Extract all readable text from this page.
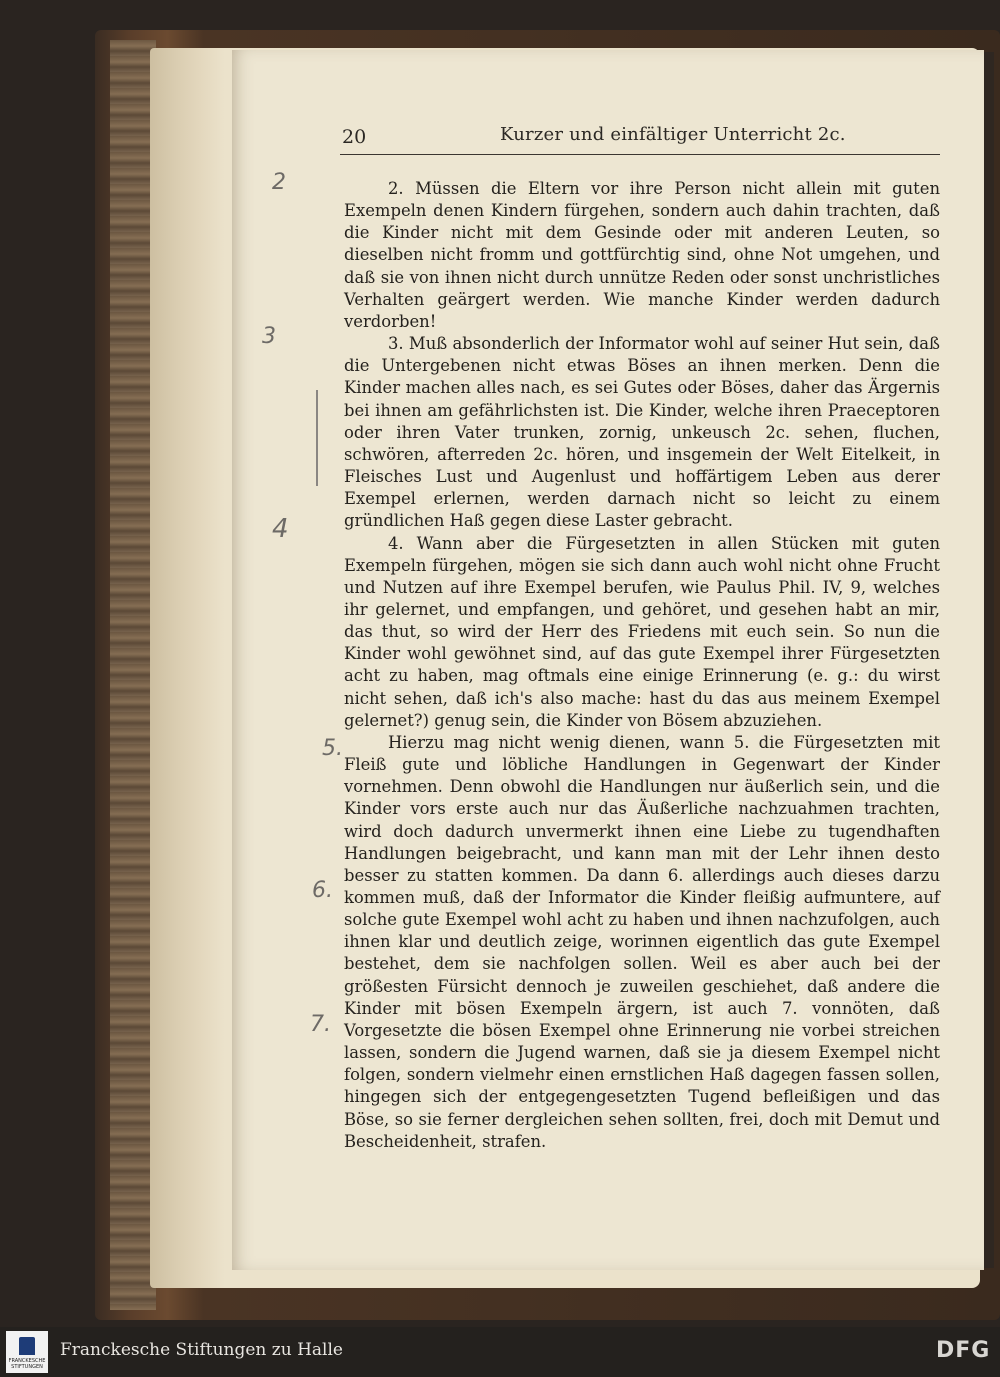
20	Kurzer und einfältiger Unterricht 2c.

2. Müssen die Eltern vor ihre Person nicht allein mit guten Exempeln denen Kindern fürgehen, sondern auch dahin trachten, daß die Kinder nicht mit dem Gesinde oder mit anderen Leuten, so dieselben nicht fromm und gottfürchtig sind, ohne Not umgehen, und daß sie von ihnen nicht durch unnütze Reden oder sonst unchristliches Verhalten geärgert werden. Wie manche Kinder werden dadurch verdorben!

3. Muß absonderlich der Informator wohl auf seiner Hut sein, daß die Untergebenen nicht etwas Böses an ihnen merken. Denn die Kinder machen alles nach, es sei Gutes oder Böses, daher das Ärgernis bei ihnen am gefährlichsten ist. Die Kinder, welche ihren Praeceptoren oder ihren Vater trunken, zornig, unkeusch 2c. sehen, fluchen, schwören, afterreden 2c. hören, und insgemein der Welt Eitelkeit, in Fleisches Lust und Augenlust und hoffärtigem Leben aus derer Exempel erlernen, werden darnach nicht so leicht zu einem gründlichen Haß gegen diese Laster gebracht.

4. Wann aber die Fürgesetzten in allen Stücken mit guten Exempeln fürgehen, mögen sie sich dann auch wohl nicht ohne Frucht und Nutzen auf ihre Exempel berufen, wie Paulus Phil. IV, 9, welches ihr gelernet, und empfangen, und gehöret, und gesehen habt an mir, das thut, so wird der Herr des Friedens mit euch sein. So nun die Kinder wohl gewöhnet sind, auf das gute Exempel ihrer Fürgesetzten acht zu haben, mag oftmals eine einige Erinnerung (e. g.: du wirst nicht sehen, daß ich's also mache: hast du das aus meinem Exempel gelernet?) genug sein, die Kinder von Bösem abzuziehen.

Hierzu mag nicht wenig dienen, wann 5. die Fürgesetzten mit Fleiß gute und löbliche Handlungen in Gegenwart der Kinder vornehmen. Denn obwohl die Handlungen nur äußerlich sein, und die Kinder vors erste auch nur das Äußerliche nachzuahmen trachten, wird doch dadurch unvermerkt ihnen eine Liebe zu tugendhaften Handlungen beigebracht, und kann man mit der Lehr ihnen desto besser zu statten kommen. Da dann 6. allerdings auch dieses darzu kommen muß, daß der Informator die Kinder fleißig aufmuntere, auf solche gute Exempel wohl acht zu haben und ihnen nachzufolgen, auch ihnen klar und deutlich zeige, worinnen eigentlich das gute Exempel bestehet, dem sie nachfolgen sollen. Weil es aber auch bei der größesten Fürsicht dennoch je zuweilen geschiehet, daß andere die Kinder mit bösen Exempeln ärgern, ist auch 7. vonnöten, daß Vorgesetzte die bösen Exempel ohne Erinnerung nie vorbei streichen lassen, sondern die Jugend warnen, daß sie ja diesem Exempel nicht folgen, sondern vielmehr einen ernstlichen Haß dagegen fassen sollen, hingegen sich der entgegengesetzten Tugend befleißigen und das Böse, so sie ferner dergleichen sehen sollten, frei, doch mit Demut und Bescheidenheit, strafen.

2
3
4
5.
6.
7.
FRANCKESCHE STIFTUNGEN
Franckesche Stiftungen zu Halle	DFG
